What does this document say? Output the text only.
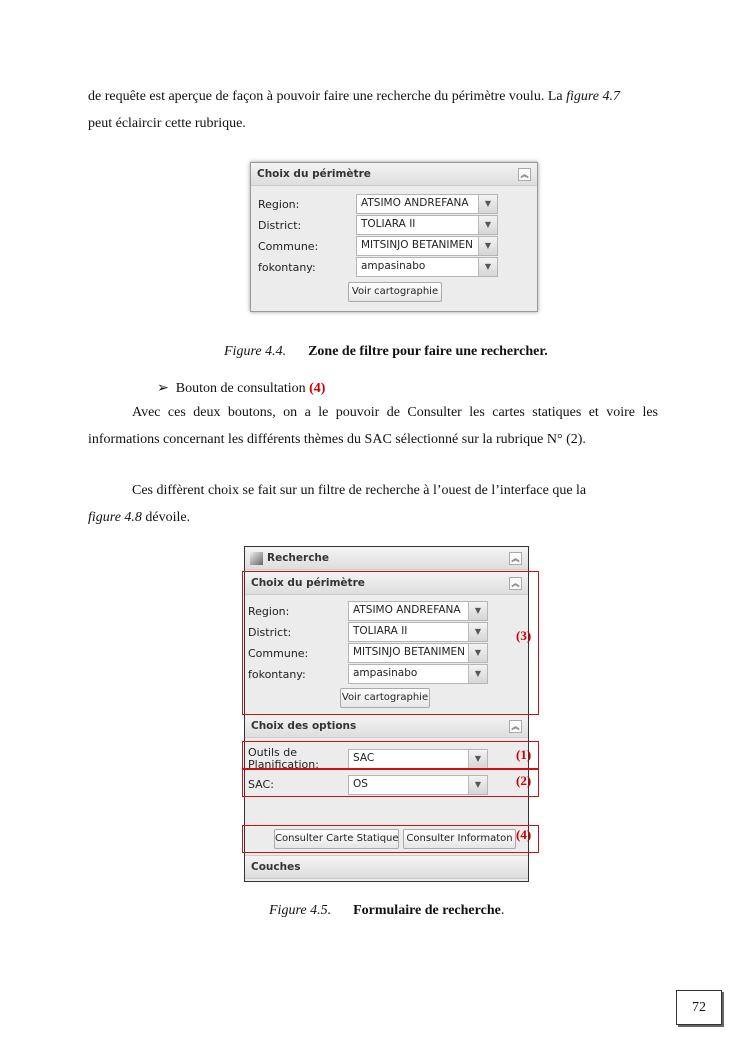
de requête est aperçue de façon à pouvoir faire une recherche du périmètre voulu. La figure 4.7
peut éclaircir cette rubrique.
Choix du périmètre	︽
Region:	ATSIMO ANDREFANA	▼
District:	TOLIARA II	▼
Commune:	MITSINJO BETANIMEN	▼
fokontany:	ampasinabo	▼
Voir cartographie
Figure 4.4. Zone de filtre pour faire une rechercher.
➢ Bouton de consultation (4)
Avec ces deux boutons, on a le pouvoir de Consulter les cartes statiques et voire les
informations concernant les différents thèmes du SAC sélectionné sur la rubrique N° (2).
Ces diffèrent choix se fait sur un filtre de recherche à l’ouest de l’interface que la
figure 4.8 dévoile.
Recherche	︽
Choix du périmètre	︽
Region:	ATSIMO ANDREFANA	▼
District:	TOLIARA II	▼
Commune:	MITSINJO BETANIMEN	▼
fokontany:	ampasinabo	▼
Voir cartographie
Choix des options	︽
Outils de Planification:	SAC	▼
SAC:	OS	▼
Consulter Carte Statique Consulter Informaton
Couches
(3)
(1)
(2)
(4)
Figure 4.5. Formulaire de recherche.
72
